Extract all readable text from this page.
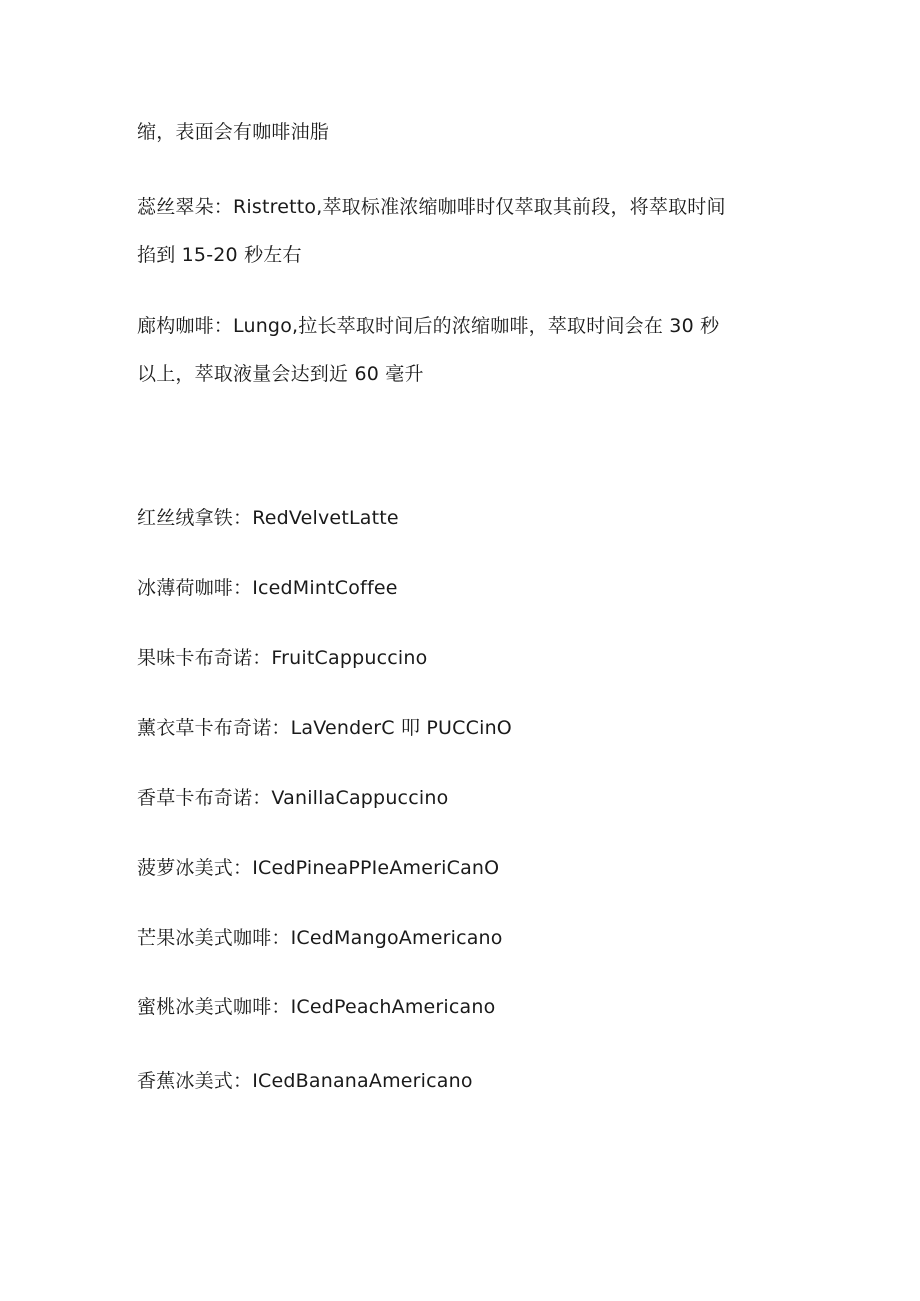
缩，表面会有咖啡油脂
蕊丝翠朵：Ristretto,萃取标准浓缩咖啡时仅萃取其前段，将萃取时间
掐到 15-20 秒左右
廊构咖啡：Lungo,拉长萃取时间后的浓缩咖啡，萃取时间会在 30 秒
以上，萃取液量会达到近 60 毫升
红丝绒拿铁：RedVelvetLatte
冰薄荷咖啡：IcedMintCoffee
果味卡布奇诺：FruitCappuccino
薰衣草卡布奇诺：LaVenderC 叩 PUCCinO
香草卡布奇诺：VanillaCappuccino
菠萝冰美式：ICedPineaPPIeAmeriCanO
芒果冰美式咖啡：ICedMangoAmericano
蜜桃冰美式咖啡：ICedPeachAmericano
香蕉冰美式：ICedBananaAmericano
